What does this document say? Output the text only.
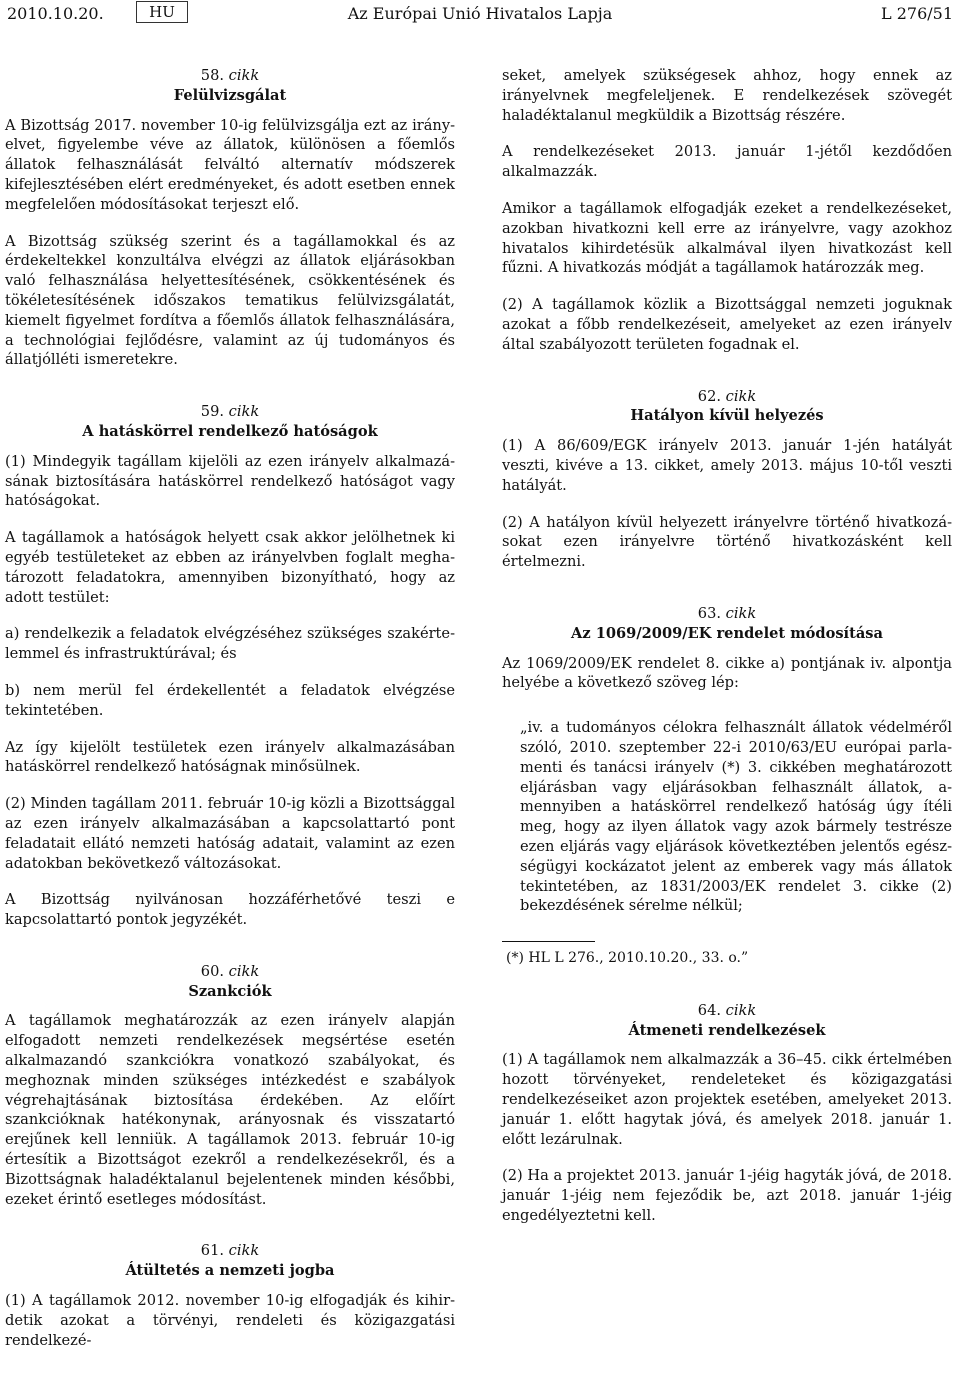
2010.10.20.	HU	Az Európai Unió Hivatalos Lapja	L 276/51

58. cikk

Felülvizsgálat

A Bizottság 2017. november 10-ig felülvizsgálja ezt az irányelvet, figyelembe véve az állatok, különösen a főemlős állatok felhasználását felváltó alternatív módszerek kifejlesztésében elért eredményeket, és adott esetben ennek megfelelően módosításokat terjeszt elő.

A Bizottság szükség szerint és a tagállamokkal és az érdekeltekkel konzultálva elvégzi az állatok eljárásokban való felhasználása helyettesítésének, csökkentésének és tökéletesítésének időszakos tematikus felülvizsgálatát, kiemelt figyelmet fordítva a főemlős állatok felhasználására, a technológiai fejlődésre, valamint az új tudományos és állatjólléti ismeretekre.

59. cikk

A hatáskörrel rendelkező hatóságok

(1) Mindegyik tagállam kijelöli az ezen irányelv alkalmazásának biztosítására hatáskörrel rendelkező hatóságot vagy hatóságokat.

A tagállamok a hatóságok helyett csak akkor jelölhetnek ki egyéb testületeket az ebben az irányelvben foglalt meghatározott feladatokra, amennyiben bizonyítható, hogy az adott testület:

a) rendelkezik a feladatok elvégzéséhez szükséges szakértelemmel és infrastruktúrával; és

b) nem merül fel érdekellentét a feladatok elvégzése tekintetében.

Az így kijelölt testületek ezen irányelv alkalmazásában hatáskörrel rendelkező hatóságnak minősülnek.

(2) Minden tagállam 2011. február 10-ig közli a Bizottsággal az ezen irányelv alkalmazásában a kapcsolattartó pont feladatait ellátó nemzeti hatóság adatait, valamint az ezen adatokban bekövetkező változásokat.

A Bizottság nyilvánosan hozzáférhetővé teszi e kapcsolattartó pontok jegyzékét.

60. cikk

Szankciók

A tagállamok meghatározzák az ezen irányelv alapján elfogadott nemzeti rendelkezések megsértése esetén alkalmazandó szankciókra vonatkozó szabályokat, és meghoznak minden szükséges intézkedést e szabályok végrehajtásának biztosítása érdekében. Az előírt szankcióknak hatékonynak, arányosnak és visszatartó erejűnek kell lenniük. A tagállamok 2013. február 10-ig értesítik a Bizottságot ezekről a rendelkezésekről, és a Bizottságnak haladéktalanul bejelentenek minden későbbi, ezeket érintő esetleges módosítást.

61. cikk

Átültetés a nemzeti jogba

(1) A tagállamok 2012. november 10-ig elfogadják és kihirdetik azokat a törvényi, rendeleti és közigazgatási rendelkezé-

seket, amelyek szükségesek ahhoz, hogy ennek az irányelvnek megfeleljenek. E rendelkezések szövegét haladéktalanul megküldik a Bizottság részére.

A rendelkezéseket 2013. január 1-jétől kezdődően alkalmazzák.

Amikor a tagállamok elfogadják ezeket a rendelkezéseket, azokban hivatkozni kell erre az irányelvre, vagy azokhoz hivatalos kihirdetésük alkalmával ilyen hivatkozást kell fűzni. A hivatkozás módját a tagállamok határozzák meg.

(2) A tagállamok közlik a Bizottsággal nemzeti joguknak azokat a főbb rendelkezéseit, amelyeket az ezen irányelv által szabályozott területen fogadnak el.

62. cikk

Hatályon kívül helyezés

(1) A 86/609/EGK irányelv 2013. január 1-jén hatályát veszti, kivéve a 13. cikket, amely 2013. május 10-től veszti hatályát.

(2) A hatályon kívül helyezett irányelvre történő hivatkozásokat ezen irányelvre történő hivatkozásként kell értelmezni.

63. cikk

Az 1069/2009/EK rendelet módosítása

Az 1069/2009/EK rendelet 8. cikke a) pontjának iv. alpontja helyébe a következő szöveg lép:

„iv. a tudományos célokra felhasznált állatok védelméről szóló, 2010. szeptember 22-i 2010/63/EU európai parlamenti és tanácsi irányelv (*) 3. cikkében meghatározott eljárásban vagy eljárásokban felhasznált állatok, amennyiben a hatáskörrel rendelkező hatóság úgy ítéli meg, hogy az ilyen állatok vagy azok bármely testrésze ezen eljárás vagy eljárások következtében jelentős egészségügyi kockázatot jelent az emberek vagy más állatok tekintetében, az 1831/2003/EK rendelet 3. cikke (2) bekezdésének sérelme nélkül;

(*) HL L 276., 2010.10.20., 33. o.”

64. cikk

Átmeneti rendelkezések

(1) A tagállamok nem alkalmazzák a 36–45. cikk értelmében hozott törvényeket, rendeleteket és közigazgatási rendelkezéseiket azon projektek esetében, amelyeket 2013. január 1. előtt hagytak jóvá, és amelyek 2018. január 1. előtt lezárulnak.

(2) Ha a projektet 2013. január 1-jéig hagyták jóvá, de 2018. január 1-jéig nem fejeződik be, azt 2018. január 1-jéig engedélyeztetni kell.
